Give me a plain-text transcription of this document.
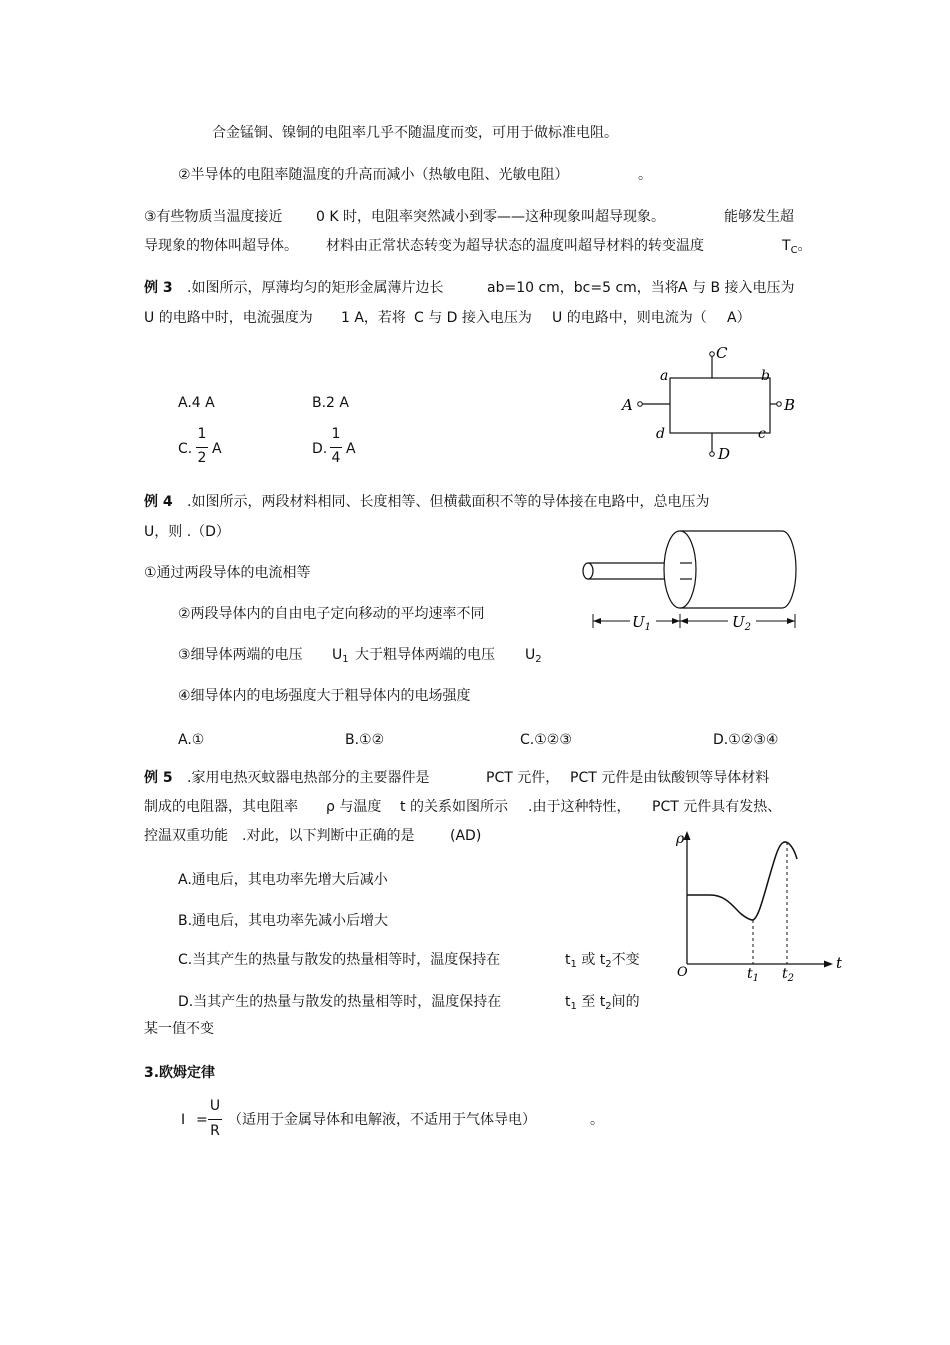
合金锰铜、镍铜的电阻率几乎不随温度而变，可用于做标准电阻。
②半导体的电阻率随温度的升高而减小（热敏电阻、光敏电阻）	。
③有些物质当温度接近 0 K 时，电阻率突然减小到零——这种现象叫超导现象。	能够发生超
导现象的物体叫超导体。 材料由正常状态转变为超导状态的温度叫超导材料的转变温度	$T_C$。
例 3 .如图所示，厚薄均匀的矩形金属薄片边长	ab=10 cm，bc=5 cm，当将 A 与 B 接入电压为
U 的电路中时，电流强度为 1 A，若将 C 与 D 接入电压为 U 的电路中，则电流为（ A）
A.4 A	B.2 A
C.
1
2
A	D.
1
4
A
C
a	b
A	B
d	c
D
例 4 .如图所示，两段材料相同、长度相等、但横截面积不等的导体接在电路中，总电压为
U，则 .（D）
①通过两段导体的电流相等
②两段导体内的自由电子定向移动的平均速率不同
③细导体两端的电压 $U_1$ 大于粗导体两端的电压 $U_2$
④细导体内的电场强度大于粗导体内的电场强度
A.①	B.①②	C.①②③	D.①②③④
$U_1$	$U_2$
例 5 .家用电热灭蚊器电热部分的主要器件是	PCT 元件， PCT 元件是由钛酸钡等导体材料
制成的电阻器，其电阻率 ρ 与温度 t 的关系如图所示 .由于这种特性， PCT 元件具有发热、
控温双重功能 .对此，以下判断中正确的是	(AD)
A.通电后，其电功率先增大后减小
B.通电后，其电功率先减小后增大
C.当其产生的热量与散发的热量相等时，温度保持在	$t_1$ 或 $t_2$不变
D.当其产生的热量与散发的热量相等时，温度保持在	$t_1$ 至 $t_2$间的
某一值不变
ρ
t
O	$t_1$ $t_2$
3.欧姆定律
I =
U
R
（适用于金属导体和电解液，不适用于气体导电）	。
